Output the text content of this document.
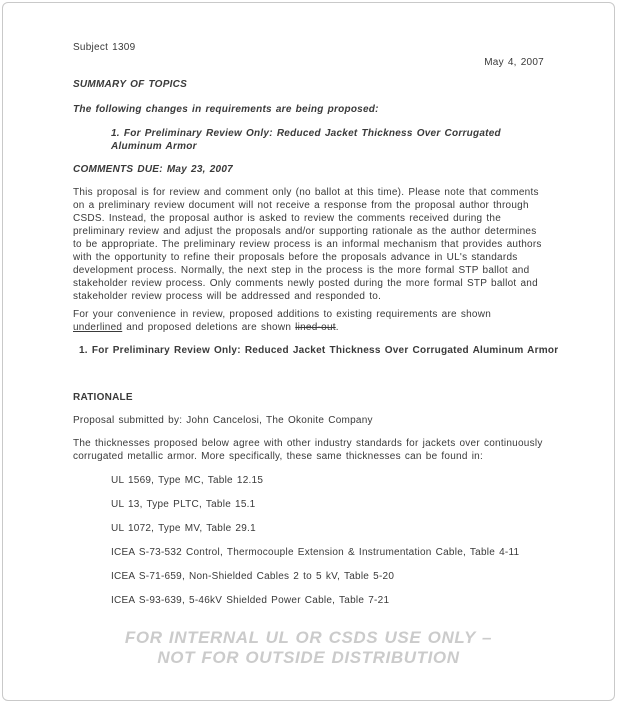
Subject 1309
May 4, 2007
SUMMARY OF TOPICS
The following changes in requirements are being proposed:
1. For Preliminary Review Only: Reduced Jacket Thickness Over Corrugated Aluminum Armor
COMMENTS DUE: May 23, 2007
This proposal is for review and comment only (no ballot at this time). Please note that comments on a preliminary review document will not receive a response from the proposal author through CSDS. Instead, the proposal author is asked to review the comments received during the preliminary review and adjust the proposals and/or supporting rationale as the author determines to be appropriate. The preliminary review process is an informal mechanism that provides authors with the opportunity to refine their proposals before the proposals advance in UL's standards development process. Normally, the next step in the process is the more formal STP ballot and stakeholder review process. Only comments newly posted during the more formal STP ballot and stakeholder review process will be addressed and responded to.
For your convenience in review, proposed additions to existing requirements are shown underlined and proposed deletions are shown lined-out.
1. For Preliminary Review Only: Reduced Jacket Thickness Over Corrugated Aluminum Armor
RATIONALE
Proposal submitted by: John Cancelosi, The Okonite Company
The thicknesses proposed below agree with other industry standards for jackets over continuously corrugated metallic armor. More specifically, these same thicknesses can be found in:
UL 1569, Type MC, Table 12.15
UL 13, Type PLTC, Table 15.1
UL 1072, Type MV, Table 29.1
ICEA S-73-532 Control, Thermocouple Extension & Instrumentation Cable, Table 4-11
ICEA S-71-659, Non-Shielded Cables 2 to 5 kV, Table 5-20
ICEA S-93-639, 5-46kV Shielded Power Cable, Table 7-21
FOR INTERNAL UL OR CSDS USE ONLY –
NOT FOR OUTSIDE DISTRIBUTION
